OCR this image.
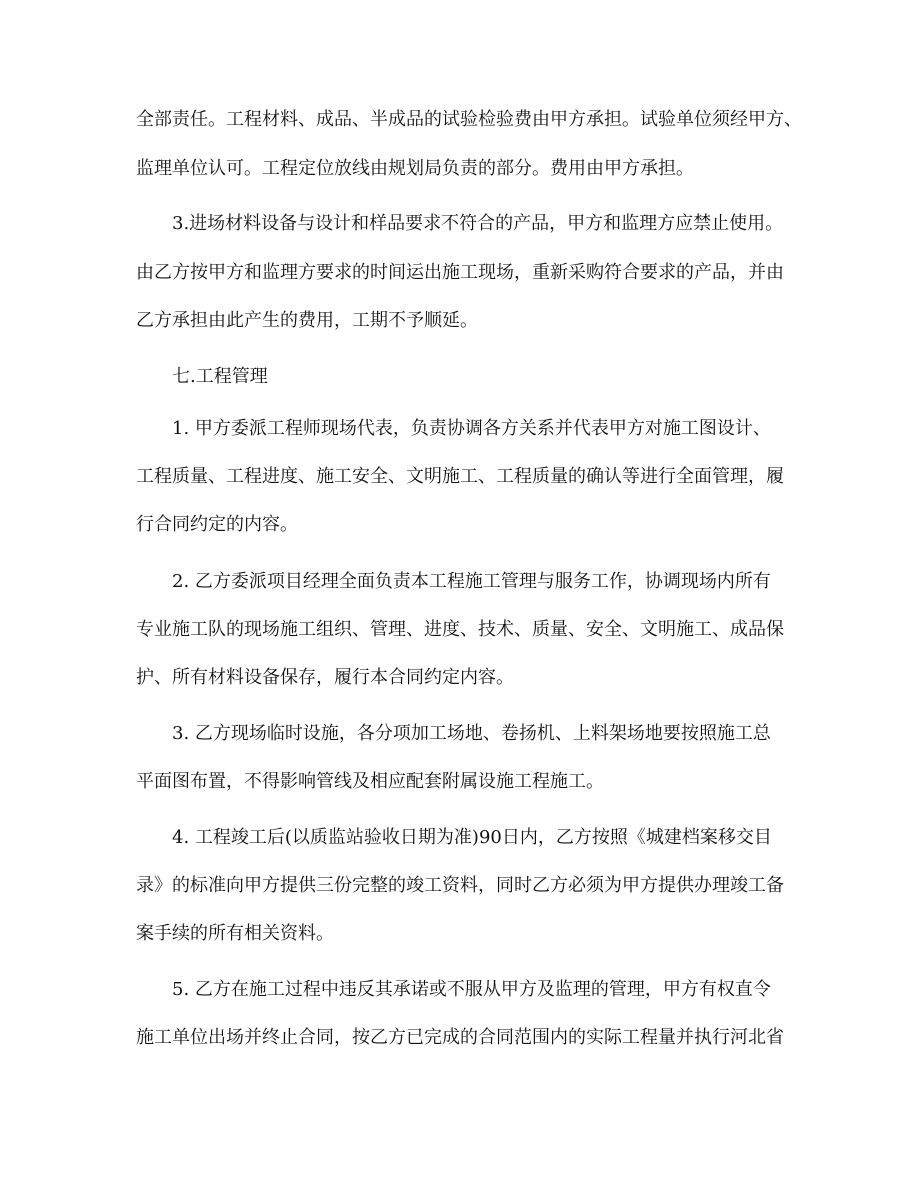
全部责任。工程材料、成品、半成品的试验检验费由甲方承担。试验单位须经甲方、
监理单位认可。工程定位放线由规划局负责的部分。费用由甲方承担。
3.进场材料设备与设计和样品要求不符合的产品，甲方和监理方应禁止使用。
由乙方按甲方和监理方要求的时间运出施工现场，重新采购符合要求的产品，并由
乙方承担由此产生的费用，工期不予顺延。
七.工程管理
1. 甲方委派工程师现场代表，负责协调各方关系并代表甲方对施工图设计、
工程质量、工程进度、施工安全、文明施工、工程质量的确认等进行全面管理，履
行合同约定的内容。
2. 乙方委派项目经理全面负责本工程施工管理与服务工作，协调现场内所有
专业施工队的现场施工组织、管理、进度、技术、质量、安全、文明施工、成品保
护、所有材料设备保存，履行本合同约定内容。
3. 乙方现场临时设施，各分项加工场地、卷扬机、上料架场地要按照施工总
平面图布置，不得影响管线及相应配套附属设施工程施工。
4. 工程竣工后(以质监站验收日期为准)90日内，乙方按照《城建档案移交目
录》的标准向甲方提供三份完整的竣工资料，同时乙方必须为甲方提供办理竣工备
案手续的所有相关资料。
5. 乙方在施工过程中违反其承诺或不服从甲方及监理的管理，甲方有权直令
施工单位出场并终止合同，按乙方已完成的合同范围内的实际工程量并执行河北省
